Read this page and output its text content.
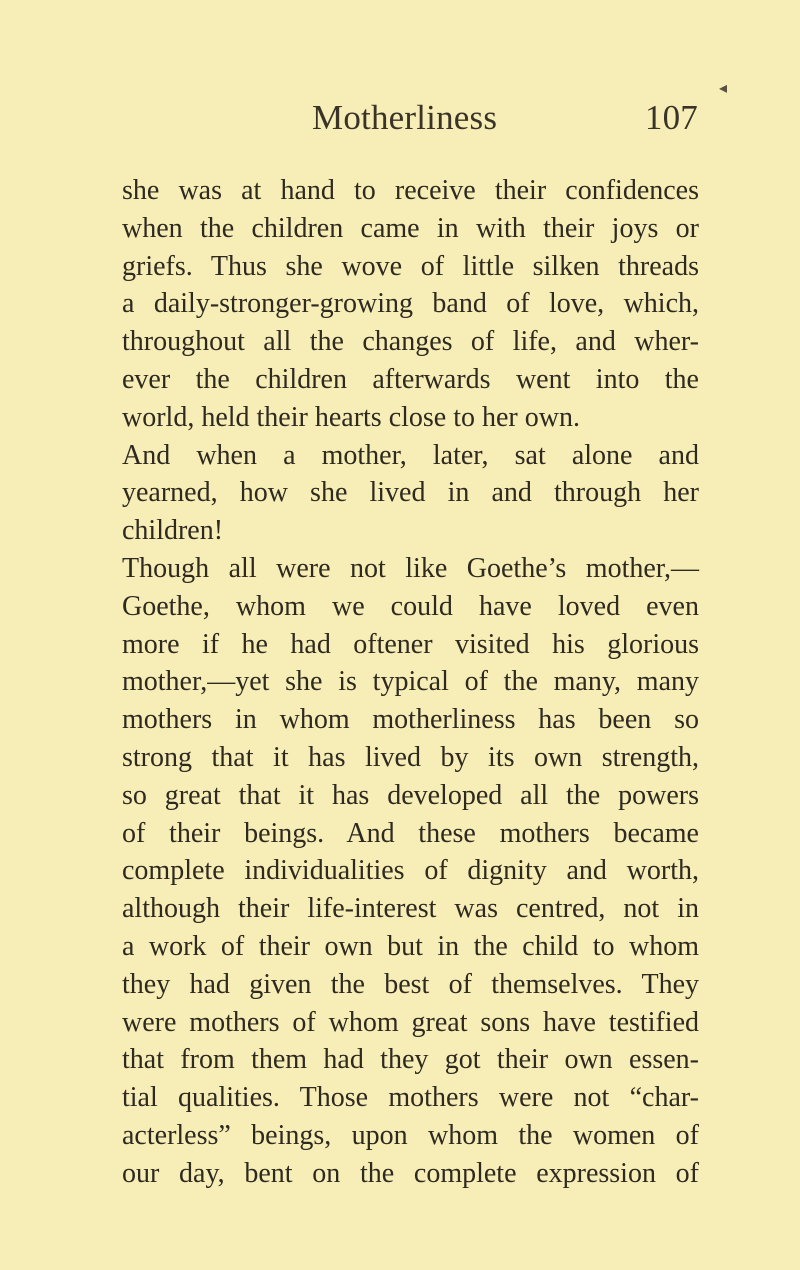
◂
Motherliness	107
she was at hand to receive their confidences
when the children came in with their joys or
griefs. Thus she wove of little silken threads
a daily-stronger-growing band of love, which,
throughout all the changes of life, and wher-
ever the children afterwards went into the
world, held their hearts close to her own.
And when a mother, later, sat alone and
yearned, how she lived in and through her
children!
Though all were not like Goethe’s mother,—
Goethe, whom we could have loved even
more if he had oftener visited his glorious
mother,—yet she is typical of the many, many
mothers in whom motherliness has been so
strong that it has lived by its own strength,
so great that it has developed all the powers
of their beings. And these mothers became
complete individualities of dignity and worth,
although their life-interest was centred, not in
a work of their own but in the child to whom
they had given the best of themselves. They
were mothers of whom great sons have testified
that from them had they got their own essen-
tial qualities. Those mothers were not “char-
acterless” beings, upon whom the women of
our day, bent on the complete expression of
